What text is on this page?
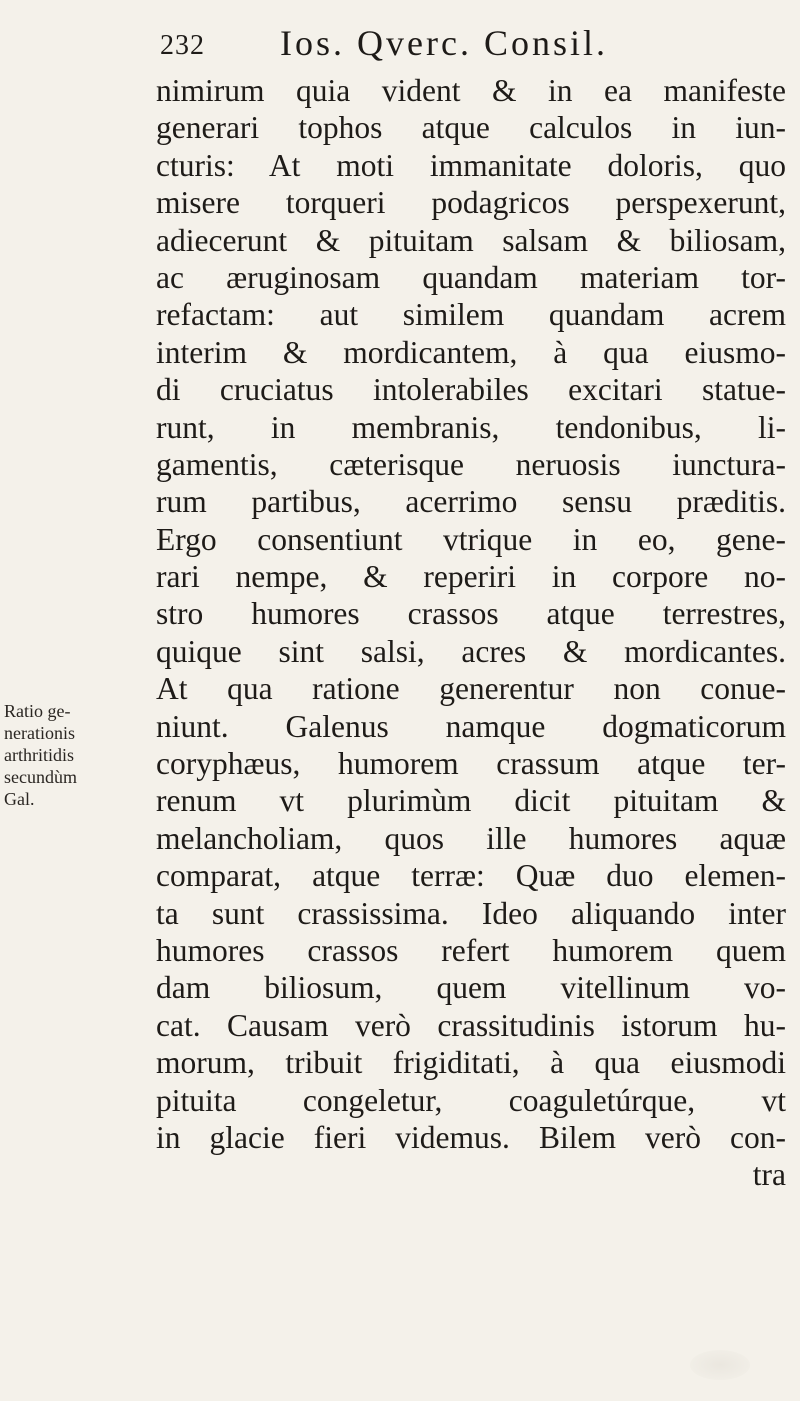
232 Ios. Qverc. Consil.
Ratio ge-
nerationis
arthritidis
secundùm
Gal.
nimirum quia vident & in ea manifeste
generari tophos atque calculos in iun-
cturis: At moti immanitate doloris, quo
misere torqueri podagricos perspexerunt,
adiecerunt & pituitam salsam & biliosam,
ac æruginosam quandam materiam tor-
refactam: aut similem quandam acrem
interim & mordicantem, à qua eiusmo-
di cruciatus intolerabiles excitari statue-
runt, in membranis, tendonibus, li-
gamentis, cæterisque neruosis iunctura-
rum partibus, acerrimo sensu præditis.
Ergo consentiunt vtrique in eo, gene-
rari nempe, & reperiri in corpore no-
stro humores crassos atque terrestres,
quique sint salsi, acres & mordicantes.
At qua ratione generentur non conue-
niunt. Galenus namque dogmaticorum
coryphæus, humorem crassum atque ter-
renum vt plurimùm dicit pituitam &
melancholiam, quos ille humores aquæ
comparat, atque terræ: Quæ duo elemen-
ta sunt crassissima. Ideo aliquando inter
humores crassos refert humorem quem
dam biliosum, quem vitellinum vo-
cat. Causam verò crassitudinis istorum hu-
morum, tribuit frigiditati, à qua eiusmodi
pituita congeletur, coaguletúrque, vt
in glacie fieri videmus. Bilem verò con-
tra
